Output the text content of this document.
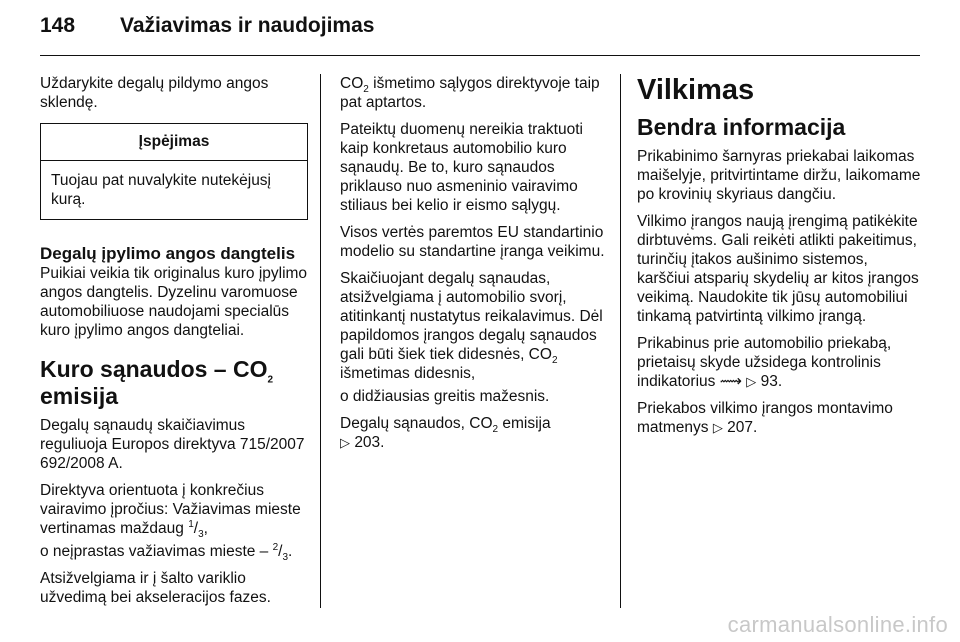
148 Važiavimas ir naudojimas

Uždarykite degalų pildymo angos sklendę.

Įspėjimas
Tuojau pat nuvalykite nutekėjusį kurą.
Degalų įpylimo angos dangtelis

Puikiai veikia tik originalus kuro įpylimo angos dangtelis. Dyzelinu varomuose automobiliuose naudojami specialūs kuro įpylimo angos dangteliai.

Kuro sąnaudos – $CO_2$
emisija

Degalų sąnaudų skaičiavimus reguliuoja Europos direktyva 715/2007 692/2008 A.

Direktyva orientuota į konkrečius vairavimo įpročius: Važiavimas mieste vertinamas maždaug $^1/_3$,

o neįprastas važiavimas mieste – $^2/_3$.

Atsižvelgiama ir į šalto variklio užvedimą bei akseleracijos fazes.

$CO_2$ išmetimo sąlygos direktyvoje taip pat aptartos.

Pateiktų duomenų nereikia traktuoti kaip konkretaus automobilio kuro sąnaudų. Be to, kuro sąnaudos priklauso nuo asmeninio vairavimo stiliaus bei kelio ir eismo sąlygų.

Visos vertės paremtos EU standartinio modelio su standartine įranga veikimu.

Skaičiuojant degalų sąnaudas, atsižvelgiama į automobilio svorį, atitinkantį nustatytus reikalavimus. Dėl papildomos įrangos degalų sąnaudos gali būti šiek tiek didesnės, $CO_2$ išmetimas didesnis,

o didžiausias greitis mažesnis.

Degalų sąnaudos, $CO_2$ emisija
▷ 203.

Vilkimas
Bendra informacija

Prikabinimo šarnyras priekabai laikomas maišelyje, pritvirtintame diržu, laikomame po krovinių skyriaus dangčiu.

Vilkimo įrangos naują įrengimą patikėkite dirbtuvėms. Gali reikėti atlikti pakeitimus, turinčių įtakos aušinimo sistemos, karščiui atsparių skydelių ar kitos įrangos veikimą. Naudokite tik jūsų automobiliui tinkamą patvirtintą vilkimo įrangą.

Prikabinus prie automobilio priekabą, prietaisų skyde užsidega kontrolinis indikatorius ⟿ ▷ 93.

Priekabos vilkimo įrangos montavimo matmenys ▷ 207.

carmanualsonline.info
